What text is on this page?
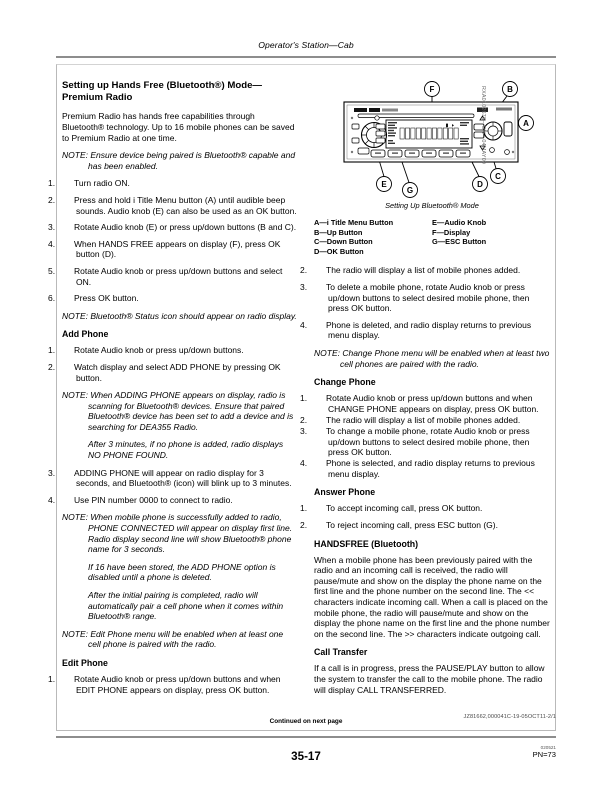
Operator's Station—Cab
Setting up Hands Free (Bluetooth®) Mode—Premium Radio

Premium Radio has hands free capabilities through Bluetooth® technology. Up to 16 mobile phones can be saved to Premium Radio at one time.

NOTE: Ensure device being paired is Bluetooth® capable and has been enabled.

1. Turn radio ON.
2. Press and hold i Title Menu button (A) until audible beep sounds. Audio knob (E) can also be used as an OK button.
3. Rotate Audio knob (E) or press up/down buttons (B and C).
4. When HANDS FREE appears on display (F), press OK button (D).
5. Rotate Audio knob or press up/down buttons and select ON.
6. Press OK button.

NOTE: Bluetooth® Status icon should appear on radio display.

Add Phone
1. Rotate Audio knob or press up/down buttons.
2. Watch display and select ADD PHONE by pressing OK button.

NOTE: When ADDING PHONE appears on display, radio is scanning for Bluetooth® devices. Ensure that paired Bluetooth® device has been set to add a device and is searching for DEA355 Radio.

After 3 minutes, if no phone is added, radio displays NO PHONE FOUND.

3. ADDING PHONE will appear on radio display for 3 seconds, and Bluetooth® (icon) will blink up to 3 minutes.
4. Use PIN number 0000 to connect to radio.

NOTE: When mobile phone is successfully added to radio, PHONE CONNECTED will appear on display first line. Radio display second line will show Bluetooth® phone name for 3 seconds.

If 16 have been stored, the ADD PHONE option is disabled until a phone is deleted.

After the initial pairing is completed, radio will automatically pair a cell phone when it comes within Bluetooth® range.

NOTE: Edit Phone menu will be enabled when at least one cell phone is paired with the radio.

Edit Phone
1. Rotate Audio knob or press up/down buttons and when EDIT PHONE appears on display, press OK button.
F	B
A
E
G
D
C
RXA0102670—UN—04MAY09
Setting Up Bluetooth® Mode
A—i Title Menu Button
B—Up Button
C—Down Button
D—OK Button
E—Audio Knob
F—Display
G—ESC Button
2. The radio will display a list of mobile phones added.
3. To delete a mobile phone, rotate Audio knob or press up/down buttons to select desired mobile phone, then press OK button.
4. Phone is deleted, and radio display returns to previous menu display.

NOTE: Change Phone menu will be enabled when at least two cell phones are paired with the radio.

Change Phone
1. Rotate Audio knob or press up/down buttons and when CHANGE PHONE appears on display, press OK button.
2. The radio will display a list of mobile phones added.
3. To change a mobile phone, rotate Audio knob or press up/down buttons to select desired mobile phone, then press OK button.
4. Phone is selected, and radio display returns to previous menu display.
Answer Phone
1. To accept incoming call, press OK button.
2. To reject incoming call, press ESC button (G).
HANDSFREE (Bluetooth)

When a mobile phone has been previously paired with the radio and an incoming call is received, the radio will pause/mute and show on the display the phone name on the first line and the phone number on the second line. The << characters indicate incoming call. When a call is placed on the mobile phone, the radio will pause/mute and show on the display the phone name on the first line and the phone number on the second line. The >> characters indicate outgoing call.

Call Transfer

If a call is in progress, press the PAUSE/PLAY button to allow the system to transfer the call to the mobile phone. The radio will display CALL TRANSFERRED.

Continued on next page
JZ81662,000041C-19-05OCT11-2/1
35-17
020521
PN=73
